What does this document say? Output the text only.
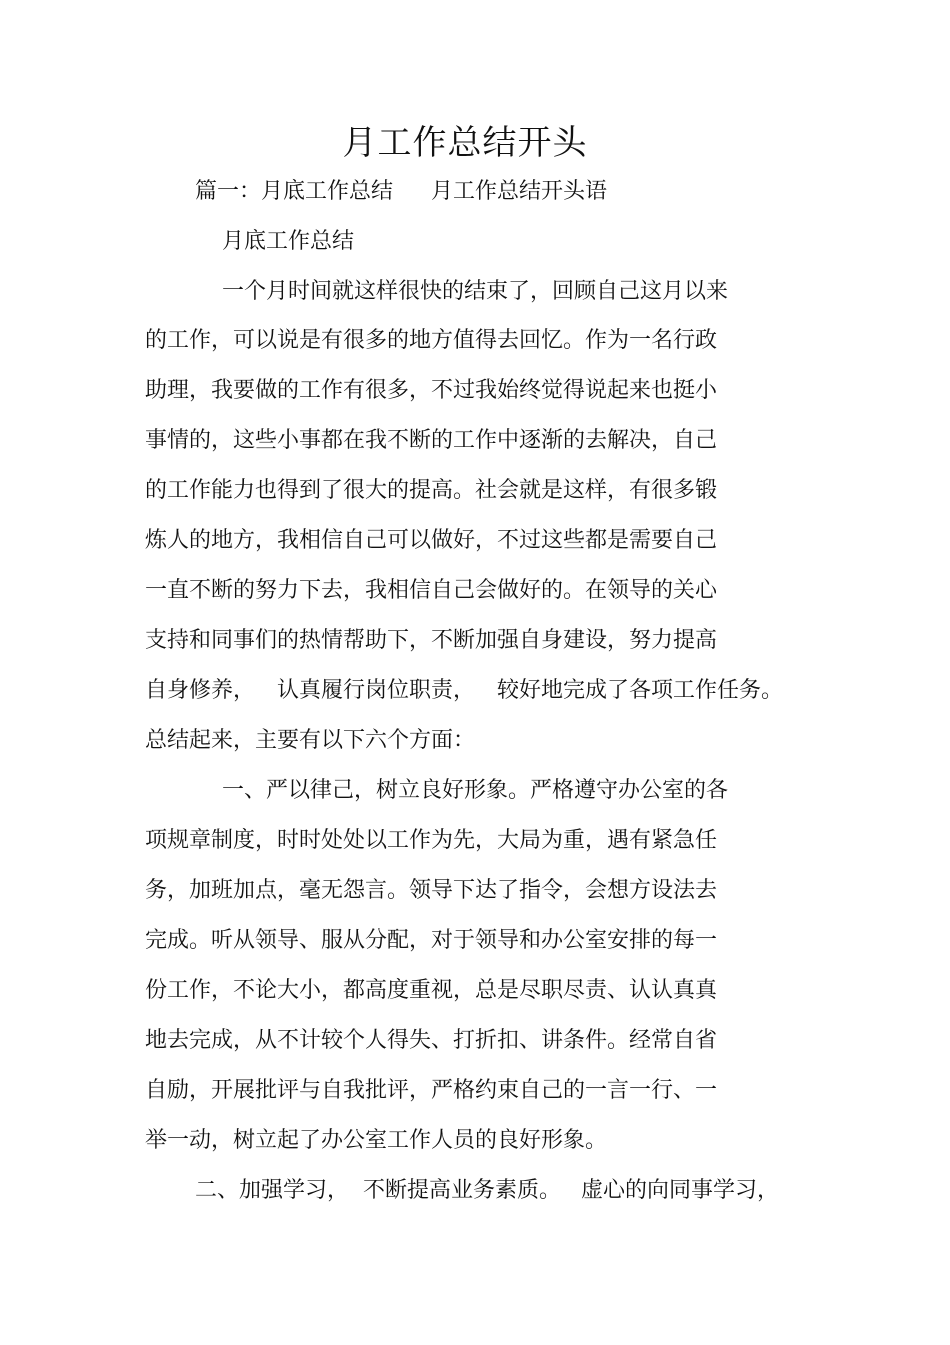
月工作总结开头
篇一：月底工作总结 月工作总结开头语
月底工作总结
一个月时间就这样很快的结束了，回顾自己这月以来
的工作，可以说是有很多的地方值得去回忆。作为一名行政
助理，我要做的工作有很多，不过我始终觉得说起来也挺小
事情的，这些小事都在我不断的工作中逐渐的去解决，自己
的工作能力也得到了很大的提高。社会就是这样，有很多锻
炼人的地方，我相信自己可以做好，不过这些都是需要自己
一直不断的努力下去，我相信自己会做好的。在领导的关心
支持和同事们的热情帮助下，不断加强自身建设，努力提高
自身修养， 认真履行岗位职责， 较好地完成了各项工作任务。
总结起来，主要有以下六个方面：
一、严以律己，树立良好形象。严格遵守办公室的各
项规章制度，时时处处以工作为先，大局为重，遇有紧急任
务，加班加点，毫无怨言。领导下达了指令，会想方设法去
完成。听从领导、服从分配，对于领导和办公室安排的每一
份工作，不论大小，都高度重视，总是尽职尽责、认认真真
地去完成，从不计较个人得失、打折扣、讲条件。经常自省
自励，开展批评与自我批评，严格约束自己的一言一行、一
举一动，树立起了办公室工作人员的良好形象。
二、加强学习， 不断提高业务素质。 虚心的向同事学习，
